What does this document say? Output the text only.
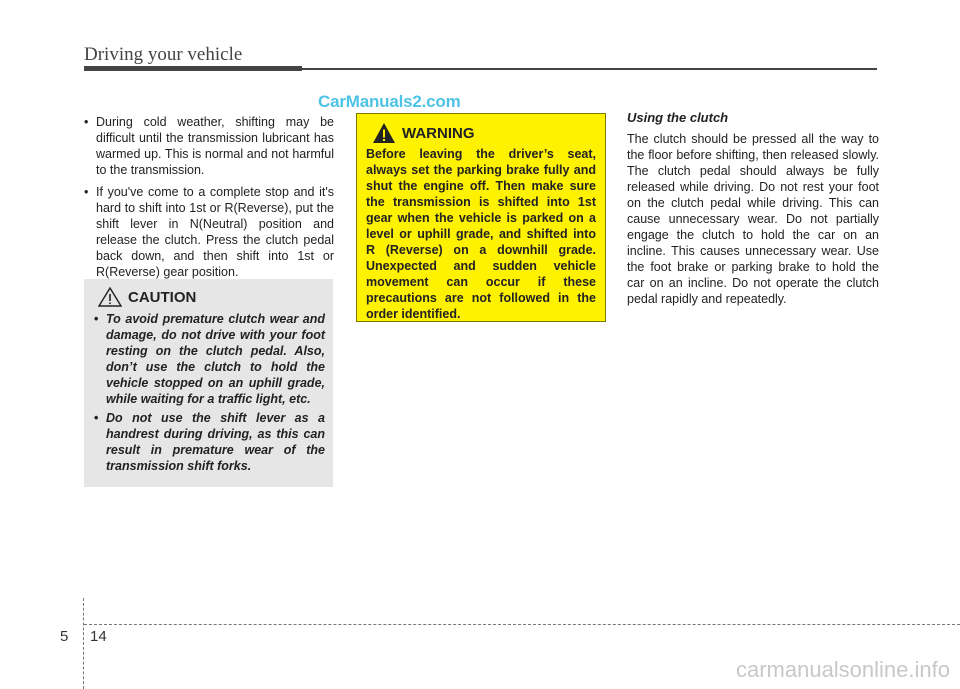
Driving your vehicle
CarManuals2.com
• During cold weather, shifting may be difficult until the transmission lubricant has warmed up. This is normal and not harmful to the transmission.
• If you've come to a complete stop and it's hard to shift into 1st or R(Reverse), put the shift lever in N(Neutral) position and release the clutch. Press the clutch pedal back down, and then shift into 1st or R(Reverse) gear position.
CAUTION
• To avoid premature clutch wear and damage, do not drive with your foot resting on the clutch pedal. Also, don’t use the clutch to hold the vehicle stopped on an uphill grade, while waiting for a traffic light, etc.
• Do not use the shift lever as a handrest during driving, as this can result in premature wear of the transmission shift forks.
WARNING
Before leaving the driver’s seat, always set the parking brake fully and shut the engine off. Then make sure the transmission is shifted into 1st gear when the vehicle is parked on a level or uphill grade, and shifted into R (Reverse) on a downhill grade. Unexpected and sudden vehicle movement can occur if these precautions are not followed in the order identified.
Using the clutch
The clutch should be pressed all the way to the floor before shifting, then released slowly. The clutch pedal should always be fully released while driving. Do not rest your foot on the clutch pedal while driving. This can cause unnecessary wear. Do not partially engage the clutch to hold the car on an incline. This causes unnecessary wear. Use the foot brake or parking brake to hold the car on an incline. Do not operate the clutch pedal rapidly and repeatedly.
5 14
carmanualsonline.info
